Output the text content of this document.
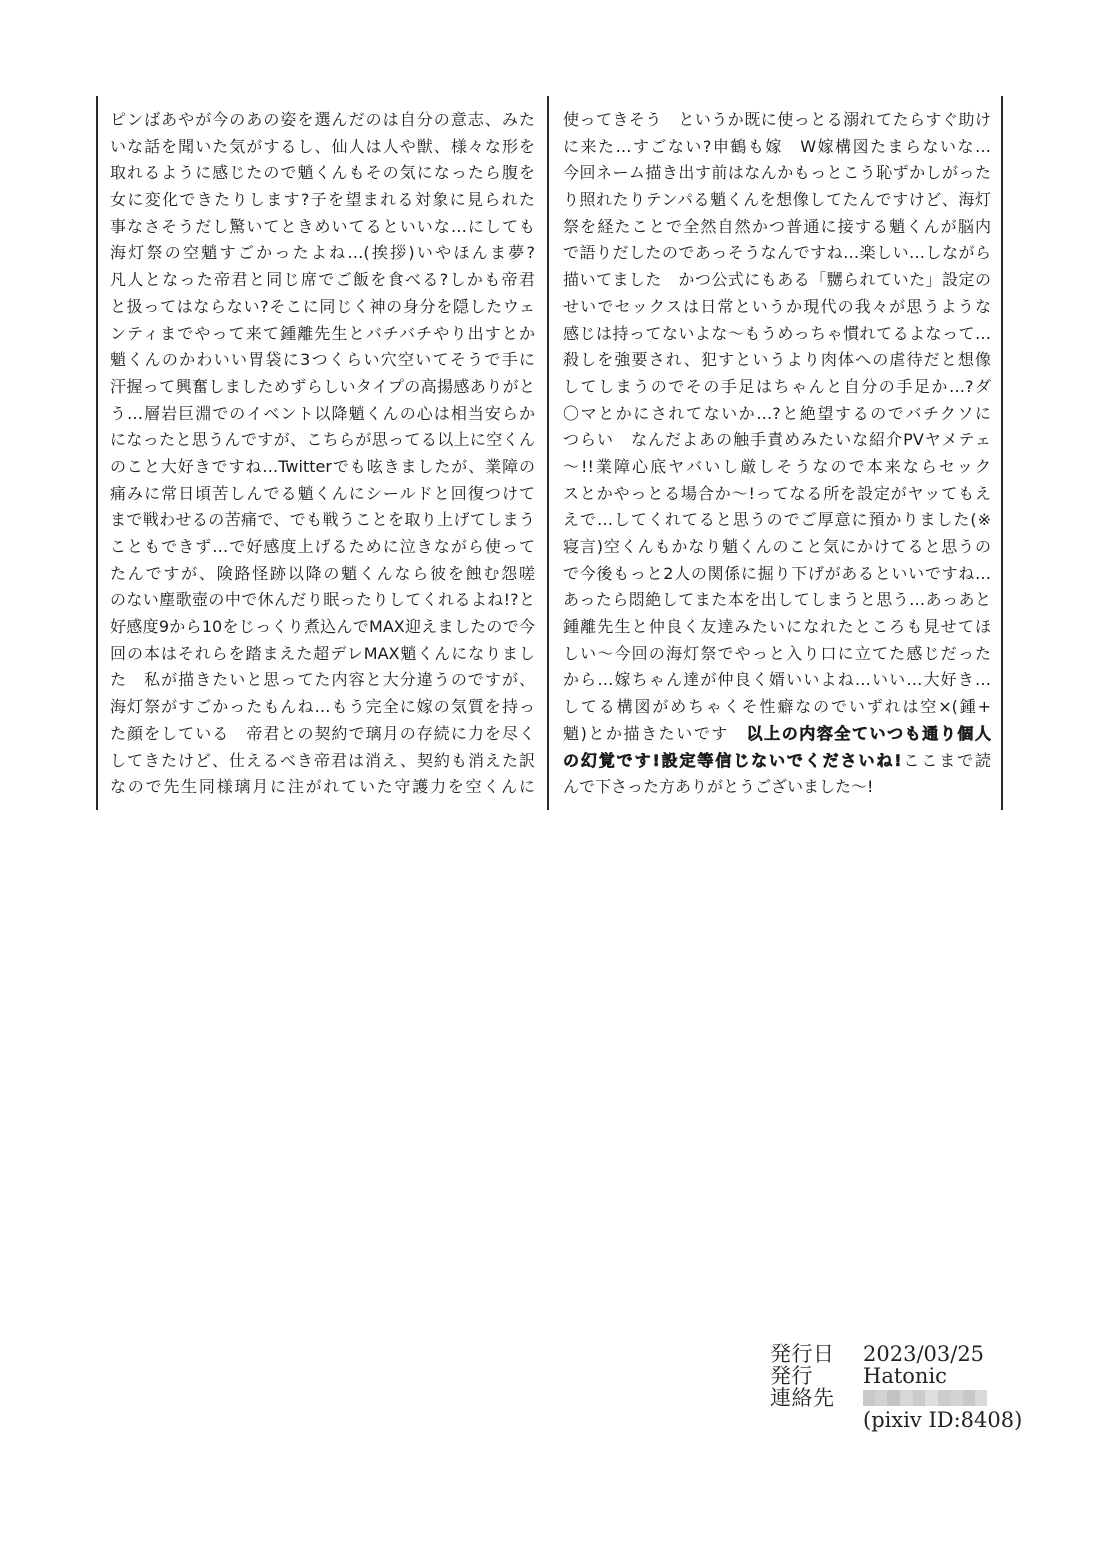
ピンばあやが今のあの姿を選んだのは自分の意志、みた
いな話を聞いた気がするし、仙人は人や獣、様々な形を
取れるように感じたので魈くんもその気になったら腹を
女に変化できたりします?子を望まれる対象に見られた
事なさそうだし驚いてときめいてるといいな…にしても
海灯祭の空魈すごかったよね…(挨拶)いやほんま夢?
凡人となった帝君と同じ席でご飯を食べる?しかも帝君
と扱ってはならない?そこに同じく神の身分を隠したウェ
ンティまでやって来て鍾離先生とバチバチやり出すとか
魈くんのかわいい胃袋に3つくらい穴空いてそうで手に
汗握って興奮しましためずらしいタイプの高揚感ありがと
う…層岩巨淵でのイベント以降魈くんの心は相当安らか
になったと思うんですが、こちらが思ってる以上に空くん
のこと大好きですね…Twitterでも呟きましたが、業障の
痛みに常日頃苦しんでる魈くんにシールドと回復つけて
まで戦わせるの苦痛で、でも戦うことを取り上げてしまう
こともできず…で好感度上げるために泣きながら使って
たんですが、険路怪跡以降の魈くんなら彼を蝕む怨嗟
のない塵歌壺の中で休んだり眠ったりしてくれるよね!?と
好感度9から10をじっくり煮込んでMAX迎えましたので今
回の本はそれらを踏まえた超デレMAX魈くんになりまし
た　私が描きたいと思ってた内容と大分違うのですが、
海灯祭がすごかったもんね…もう完全に嫁の気質を持っ
た顔をしている　帝君との契約で璃月の存続に力を尽く
してきたけど、仕えるべき帝君は消え、契約も消えた訳
なので先生同様璃月に注がれていた守護力を空くんに
使ってきそう　というか既に使っとる溺れてたらすぐ助け
に来た…すごない?申鶴も嫁　W嫁構図たまらないな…
今回ネーム描き出す前はなんかもっとこう恥ずかしがった
り照れたりテンパる魈くんを想像してたんですけど、海灯
祭を経たことで全然自然かつ普通に接する魈くんが脳内
で語りだしたのであっそうなんですね…楽しい…しながら
描いてました　かつ公式にもある「嬲られていた」設定の
せいでセックスは日常というか現代の我々が思うような
感じは持ってないよな〜もうめっちゃ慣れてるよなって…
殺しを強要され、犯すというより肉体への虐待だと想像
してしまうのでその手足はちゃんと自分の手足か…?ダ
〇マとかにされてないか…?と絶望するのでバチクソに
つらい　なんだよあの触手責めみたいな紹介PVヤメテェ
〜!!業障心底ヤバいし厳しそうなので本来ならセック
スとかやっとる場合か〜!ってなる所を設定がヤッてもえ
えで…してくれてると思うのでご厚意に預かりました(※
寝言)空くんもかなり魈くんのこと気にかけてると思うの
で今後もっと2人の関係に掘り下げがあるといいですね…
あったら悶絶してまた本を出してしまうと思う…あっあと
鍾離先生と仲良く友達みたいになれたところも見せてほ
しい〜今回の海灯祭でやっと入り口に立てた感じだった
から…嫁ちゃん達が仲良く婿いいよね…いい…大好き…
してる構図がめちゃくそ性癖なのでいずれは空×(鍾+
魈)とか描きたいです　以上の内容全ていつも通り個人
の幻覚です!設定等信じないでくださいね!ここまで読
んで下さった方ありがとうございました〜!
発行日	2023/03/25
発行	Hatonic
連絡先
(pixiv ID:8408)
